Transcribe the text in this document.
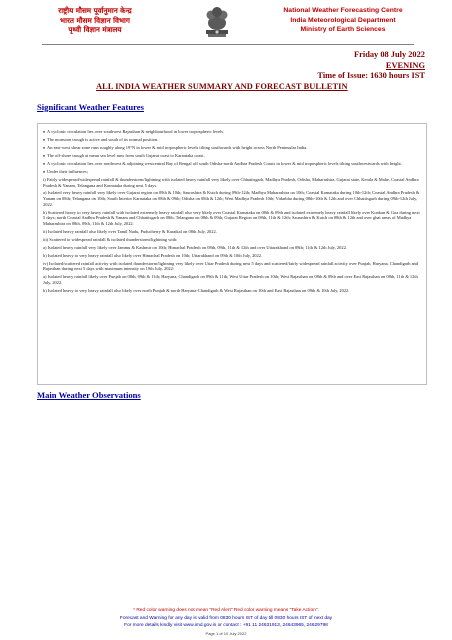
राष्ट्रीय मौसम पूर्वानुमान केन्द्र
भारत मौसम विज्ञान विभाग
पृथ्वी विज्ञान मंत्रालय
National Weather Forecasting Centre
India Meteorological Department
Ministry of Earth Sciences
Friday 08 July 2022
EVENING
Time of Issue: 1630 hours IST
ALL INDIA WEATHER SUMMARY AND FORECAST BULLETIN
Significant Weather Features

♦ A cyclonic circulation lies over southwest Rajasthan & neighbourhood in lower tropospheric levels.

♦ The monsoon trough is active and south of its normal position.

♦ An east-west shear zone runs roughly along 19°N in lower & mid tropospheric levels tilting southwards with height across North Peninsular India.

♦ The off-shore trough at mean sea level runs from south Gujarat coast to Karnataka coast.

♦ A cyclonic circulation lies over northwest & adjoining westcentral Bay of Bengal off south Odisha-north Andhra Pradesh Coasts in lower & mid tropospheric levels tilting southwestwards with height.

♦ Under their influences;

i) Fairly widespread/widespread rainfall & thunderstorm/lightning with isolated heavy rainfall very likely over Chhattisgarh, Madhya Pradesh, Odisha, Maharashtra, Gujarat state, Kerala & Mahe, Coastal Andhra Pradesh & Yanam, Telangana and Karnataka during next 5 days.

a) Isolated very heavy rainfall very likely over Gujarat region on 09th & 10th; Saurashtra & Kutch during 09th-12th; Madhya Maharashtra on 10th; Coastal Karnataka during 10th-12th; Coastal Andhra Pradesh & Yanam on 08th; Telangana on 10th; South Interior Karnataka on 08th & 09th; Odisha on 08th & 12th; West Madhya Pradesh 10th; Vidarbha during 08th-10th & 12th and over Chhattisgarh during 09th-12th July, 2022.

b) Scattered heavy to very heavy rainfall with isolated extremely heavy rainfall also very likely over Coastal Karnataka on 08th & 09th and isolated extremely heavy rainfall likely over Konkan & Goa during next 5 days; north Coastal Andhra Pradesh & Yanam and Chhattisgarh on 08th, Telangana on 08th & 09th; Gujarat Region on 08th, 11th & 12th; Saurashtra & Kutch on 08th & 12th and over ghat areas of Madhya Maharashtra on 08th, 09th, 11th & 12th July, 2022.

ii) Isolated heavy rainfall also likely over Tamil Nadu, Puducherry & Karaikal on 08th July, 2022.

iii) Scattered to widespread rainfall & isolated thunderstorm/lightning with:

a) Isolated heavy rainfall very likely over Jammu & Kashmir on 10th; Himachal Pradesh on 08th, 09th, 11th & 12th and over Uttarakhand on 08th; 11th & 12th July, 2022.

b) Isolated heavy to very heavy rainfall also likely over Himachal Pradesh on 10th; Uttarakhand on 09th & 10th July, 2022.

iv) Isolated/scattered rainfall activity with isolated thunderstorm/lightning very likely over Uttar Pradesh during next 5 days and scattered/fairly widespread rainfall activity over Punjab, Haryana, Chandigarh and Rajasthan during next 5 days with maximum intensity on 10th July, 2022:

a) Isolated heavy rainfall likely over Punjab on 08th, 09th & 11th; Haryana, Chandigarh on 09th & 11th; West Uttar Pradesh on 10th; West Rajasthan on 08th & 09th and over East Rajasthan on 08th, 11th & 12th July, 2022.

b) Isolated heavy to very heavy rainfall also likely over north Punjab & north Haryana-Chandigarh & West Rajasthan on 10th and East Rajasthan on 09th & 10th July, 2022.

Main Weather Observations
* Red color warning does not mean "Red Alert" Red color warning means "Take Action".
Forecast and Warning for any day is valid from 0830 hours IST of day till 0830 hours IST of next day
For more details kindly visit www.imd.gov.in or contact : +91 11 24631913, 24643965, 24629798
Page 1 of 10 July 2022
